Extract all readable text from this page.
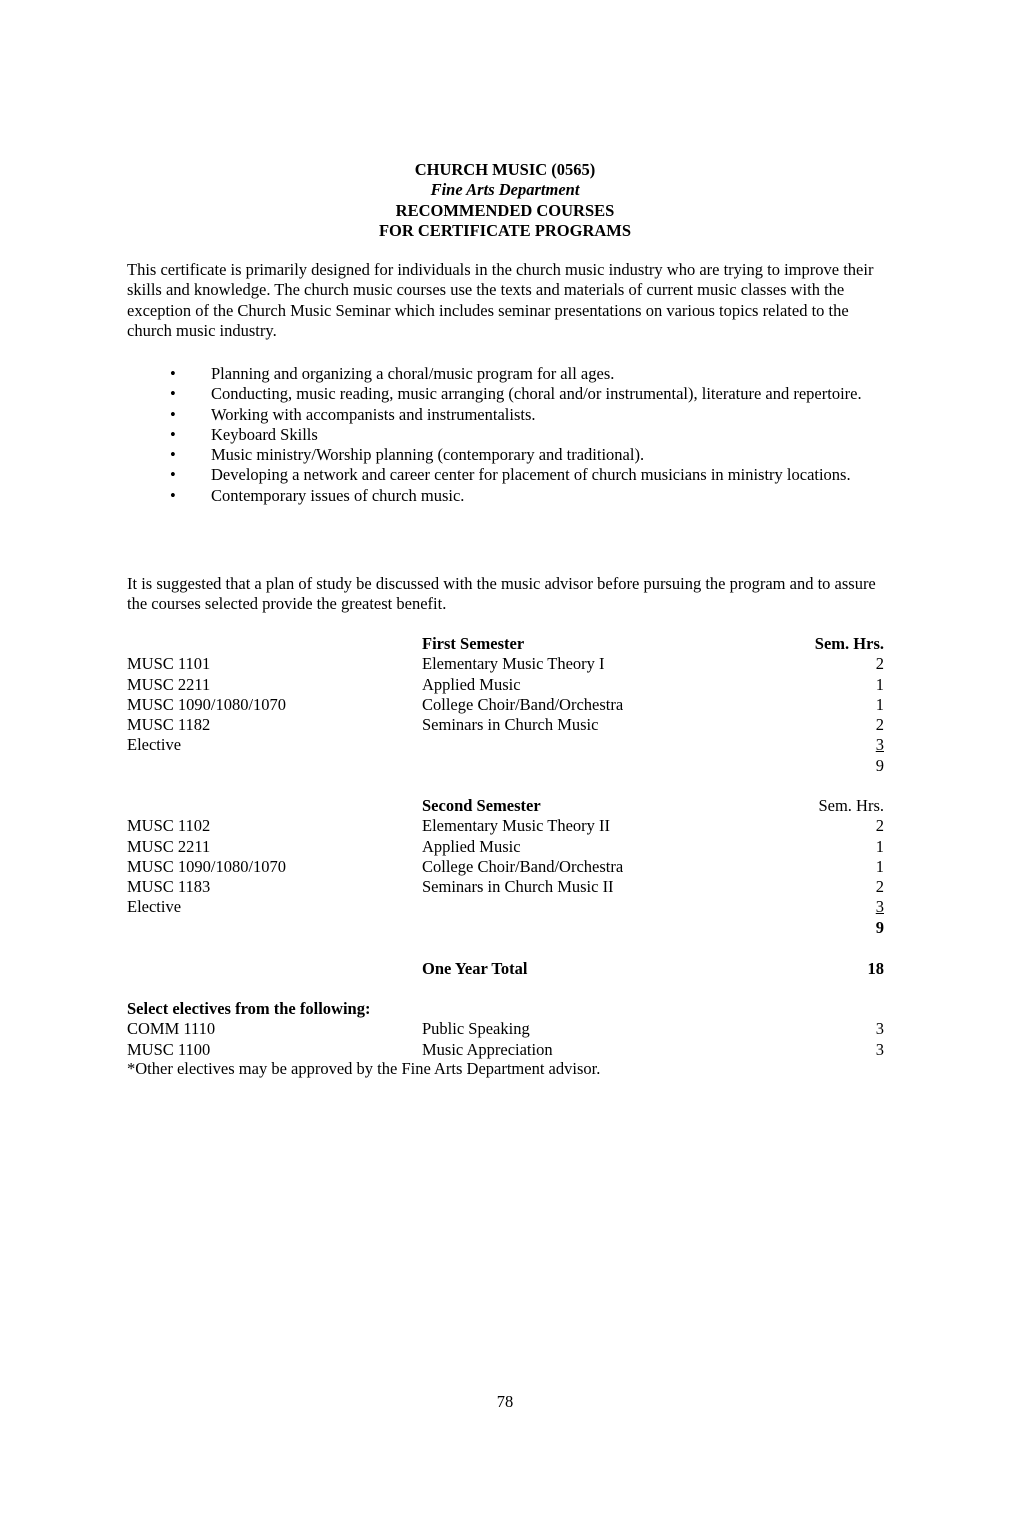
CHURCH MUSIC (0565)
Fine Arts Department
RECOMMENDED COURSES
FOR CERTIFICATE PROGRAMS

This certificate is primarily designed for individuals in the church music industry who are trying to improve their skills and knowledge. The church music courses use the texts and materials of current music classes with the exception of the Church Music Seminar which includes seminar presentations on various topics related to the church music industry.

• Planning and organizing a choral/music program for all ages.
• Conducting, music reading, music arranging (choral and/or instrumental), literature and repertoire.
• Working with accompanists and instrumentalists.
• Keyboard Skills
• Music ministry/Worship planning (contemporary and traditional).
• Developing a network and career center for placement of church musicians in ministry locations.
• Contemporary issues of church music.

It is suggested that a plan of study be discussed with the music advisor before pursuing the program and to assure the courses selected provide the greatest benefit.

First Semester	Sem. Hrs.
MUSC 1101	Elementary Music Theory I	2
MUSC 2211	Applied Music	1
MUSC 1090/1080/1070	College Choir/Band/Orchestra	1
MUSC 1182	Seminars in Church Music	2
Elective	3
9
Second Semester	Sem. Hrs.
MUSC 1102	Elementary Music Theory II	2
MUSC 2211	Applied Music	1
MUSC 1090/1080/1070	College Choir/Band/Orchestra	1
MUSC 1183	Seminars in Church Music II	2
Elective	3
9
One Year Total	18
Select electives from the following:
COMM 1110	Public Speaking	3
MUSC 1100	Music Appreciation	3
*Other electives may be approved by the Fine Arts Department advisor.
78
